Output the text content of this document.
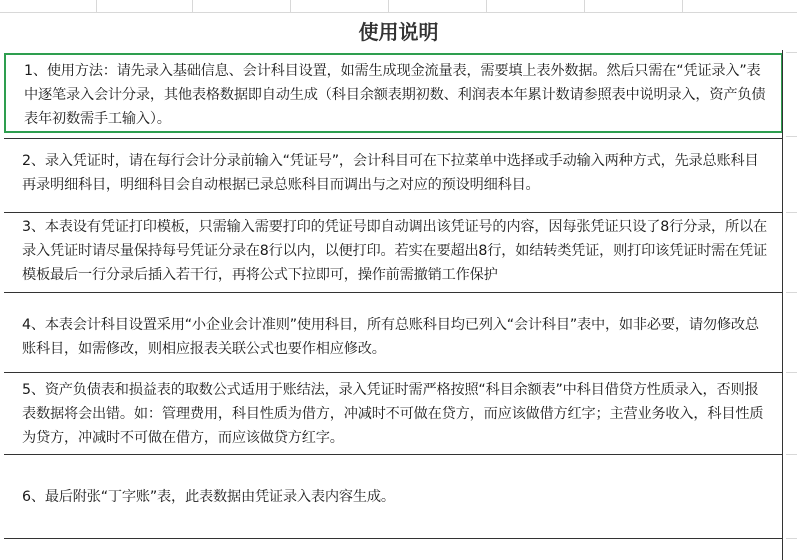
使用说明
1、使用方法：请先录入基础信息、会计科目设置，如需生成现金流量表，需要填上表外数据。然后只需在“凭证录入”表中逐笔录入会计分录，其他表格数据即自动生成（科目余额表期初数、利润表本年累计数请参照表中说明录入，资产负债表年初数需手工输入）。
2、录入凭证时，请在每行会计分录前输入“凭证号”，会计科目可在下拉菜单中选择或手动输入两种方式，先录总账科目再录明细科目，明细科目会自动根据已录总账科目而调出与之对应的预设明细科目。
3、本表设有凭证打印模板，只需输入需要打印的凭证号即自动调出该凭证号的内容，因每张凭证只设了8行分录，所以在录入凭证时请尽量保持每号凭证分录在8行以内，以便打印。若实在要超出8行，如结转类凭证，则打印该凭证时需在凭证模板最后一行分录后插入若干行，再将公式下拉即可，操作前需撤销工作保护
4、本表会计科目设置采用“小企业会计准则”使用科目，所有总账科目均已列入“会计科目”表中，如非必要，请勿修改总账科目，如需修改，则相应报表关联公式也要作相应修改。
5、资产负债表和损益表的取数公式适用于账结法，录入凭证时需严格按照“科目余额表”中科目借贷方性质录入，否则报表数据将会出错。如：管理费用，科目性质为借方，冲减时不可做在贷方，而应该做借方红字；主营业务收入，科目性质为贷方，冲减时不可做在借方，而应该做贷方红字。
6、最后附张“丁字账”表，此表数据由凭证录入表内容生成。
